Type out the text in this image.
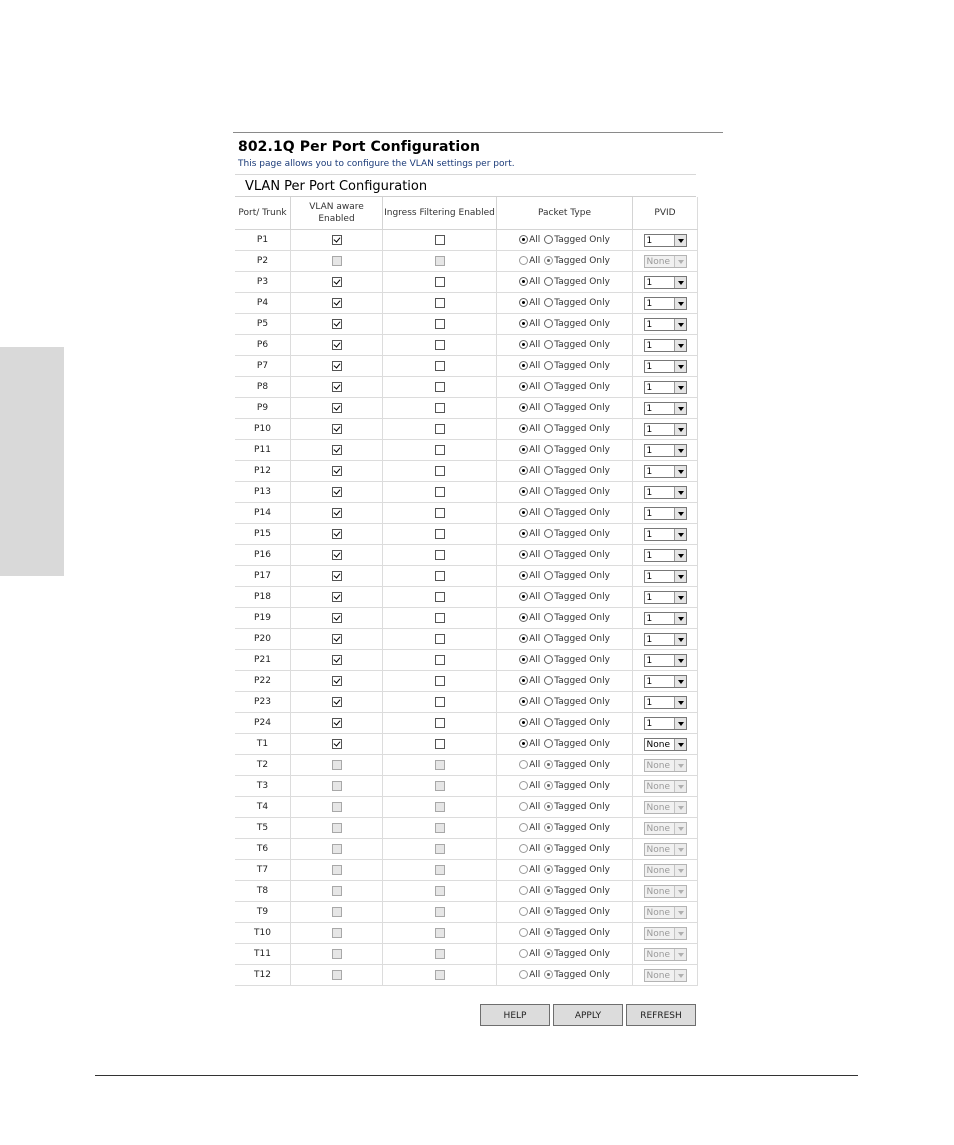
802.1Q Per Port Configuration
This page allows you to configure the VLAN settings per port.
VLAN Per Port Configuration
Port/ Trunk	VLAN aware Enabled	Ingress Filtering Enabled	Packet Type	PVID
P1			All Tagged Only	1

P2			All Tagged Only	None

P3			All Tagged Only	1

P4			All Tagged Only	1

P5			All Tagged Only	1

P6			All Tagged Only	1

P7			All Tagged Only	1

P8			All Tagged Only	1

P9			All Tagged Only	1

P10			All Tagged Only	1

P11			All Tagged Only	1

P12			All Tagged Only	1

P13			All Tagged Only	1

P14			All Tagged Only	1

P15			All Tagged Only	1

P16			All Tagged Only	1

P17			All Tagged Only	1

P18			All Tagged Only	1

P19			All Tagged Only	1

P20			All Tagged Only	1

P21			All Tagged Only	1

P22			All Tagged Only	1

P23			All Tagged Only	1

P24			All Tagged Only	1

T1			All Tagged Only	None

T2			All Tagged Only	None

T3			All Tagged Only	None

T4			All Tagged Only	None

T5			All Tagged Only	None

T6			All Tagged Only	None

T7			All Tagged Only	None

T8			All Tagged Only	None

T9			All Tagged Only	None

T10			All Tagged Only	None

T11			All Tagged Only	None

T12			All Tagged Only	None
HELP	APPLY	REFRESH
